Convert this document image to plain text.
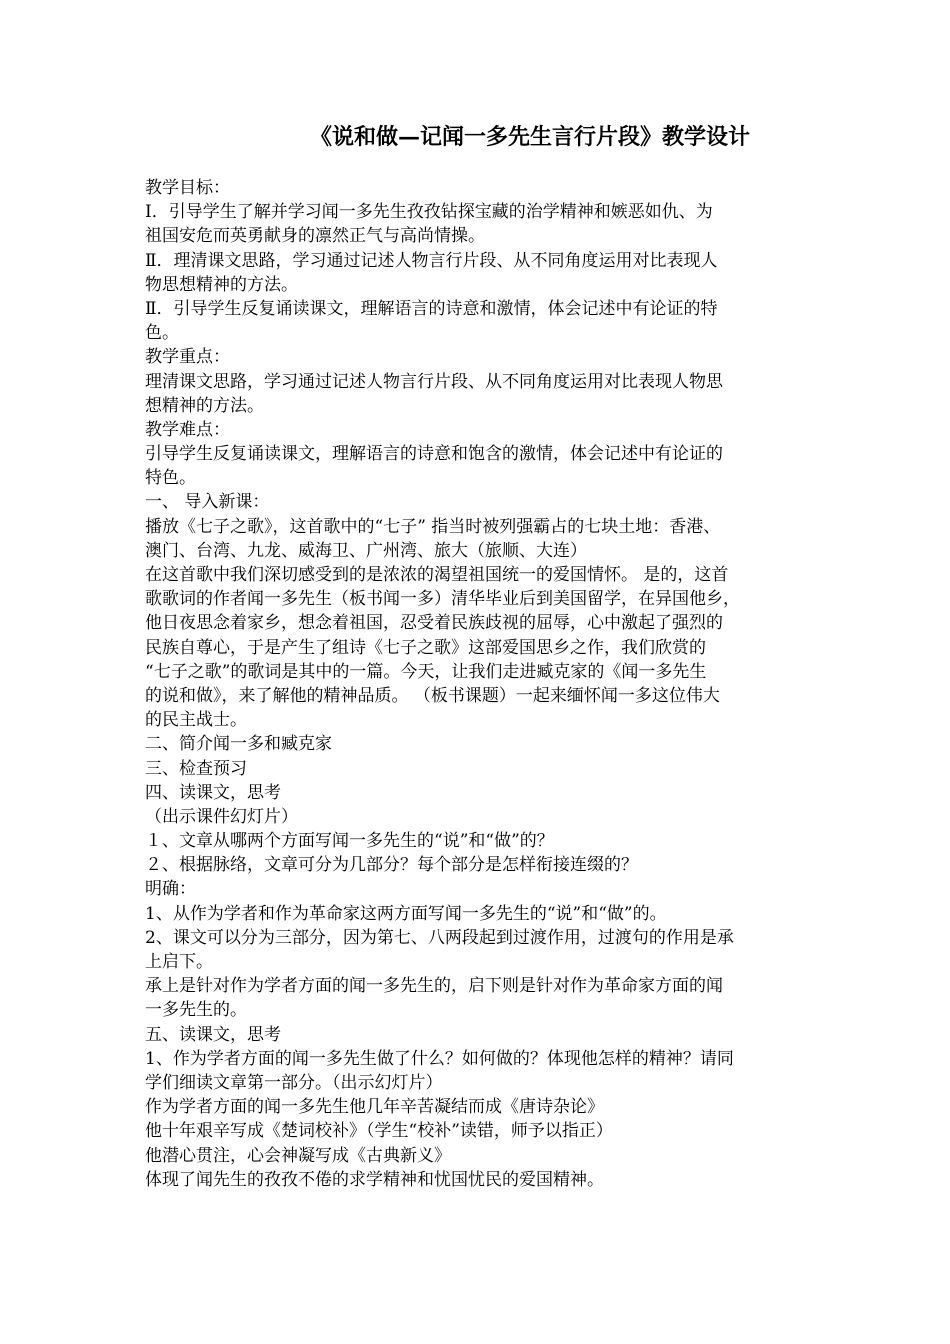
《说和做—记闻一多先生言行片段》教学设计
教学目标：
Ⅰ．引导学生了解并学习闻一多先生孜孜钻探宝藏的治学精神和嫉恶如仇、为
祖国安危而英勇献身的凛然正气与高尚情操。
Ⅱ．理清课文思路，学习通过记述人物言行片段、从不同角度运用对比表现人
物思想精神的方法。
Ⅱ．引导学生反复诵读课文，理解语言的诗意和激情，体会记述中有论证的特
色。
教学重点：
理清课文思路，学习通过记述人物言行片段、从不同角度运用对比表现人物思
想精神的方法。
教学难点：
引导学生反复诵读课文，理解语言的诗意和饱含的激情，体会记述中有论证的
特色。
一、 导入新课：
播放《七子之歌》，这首歌中的“七子” 指当时被列强霸占的七块土地：香港、
澳门、台湾、九龙、威海卫、广州湾、旅大（旅顺、大连）
在这首歌中我们深切感受到的是浓浓的渴望祖国统一的爱国情怀。 是的，这首
歌歌词的作者闻一多先生（板书闻一多）清华毕业后到美国留学，在异国他乡，
他日夜思念着家乡，想念着祖国，忍受着民族歧视的屈辱，心中激起了强烈的
民族自尊心，于是产生了组诗《七子之歌》这部爱国思乡之作，我们欣赏的
“七子之歌”的歌词是其中的一篇。今天，让我们走进臧克家的《闻一多先生
的说和做》，来了解他的精神品质。 （板书课题）一起来缅怀闻一多这位伟大
的民主战士。
二、简介闻一多和臧克家
三、检查预习
四、读课文，思考
（出示课件幻灯片）
１、文章从哪两个方面写闻一多先生的“说”和“做”的？
２、根据脉络，文章可分为几部分？每个部分是怎样衔接连缀的？
明确：
1、从作为学者和作为革命家这两方面写闻一多先生的“说”和“做”的。
2、课文可以分为三部分，因为第七、八两段起到过渡作用，过渡句的作用是承
上启下。
承上是针对作为学者方面的闻一多先生的，启下则是针对作为革命家方面的闻
一多先生的。
五、读课文，思考
1、作为学者方面的闻一多先生做了什么？如何做的？体现他怎样的精神？请同
学们细读文章第一部分。（出示幻灯片）
作为学者方面的闻一多先生他几年辛苦凝结而成《唐诗杂论》
他十年艰辛写成《楚词校补》（学生“校补”读错，师予以指正）
他潜心贯注，心会神凝写成《古典新义》
体现了闻先生的孜孜不倦的求学精神和忧国忧民的爱国精神。
